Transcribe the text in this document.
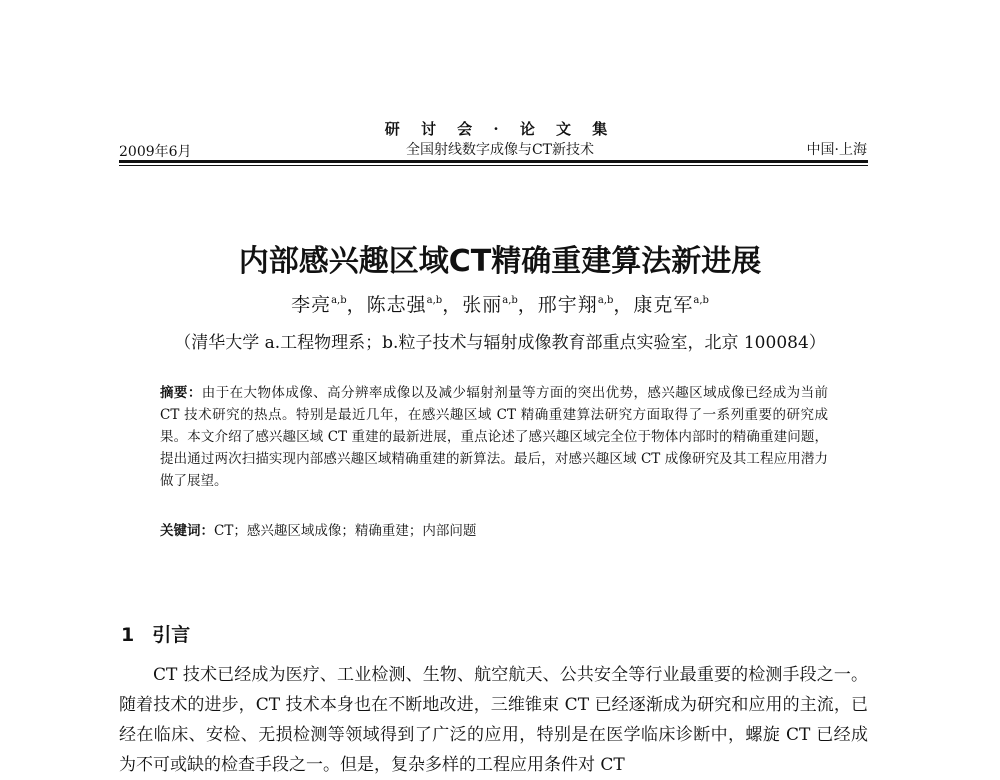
研 讨 会 · 论 文 集
全国射线数字成像与CT新技术
2009年6月	中国·上海
内部感兴趣区域CT精确重建算法新进展
李亮$^{a,b}$，陈志强$^{a,b}$，张丽$^{a,b}$，邢宇翔$^{a,b}$，康克军$^{a,b}$
（清华大学 a.工程物理系；b.粒子技术与辐射成像教育部重点实验室，北京 100084）
摘要：由于在大物体成像、高分辨率成像以及减少辐射剂量等方面的突出优势，感兴趣区域成像已经成为当前 CT 技术研究的热点。特别是最近几年，在感兴趣区域 CT 精确重建算法研究方面取得了一系列重要的研究成果。本文介绍了感兴趣区域 CT 重建的最新进展，重点论述了感兴趣区域完全位于物体内部时的精确重建问题，提出通过两次扫描实现内部感兴趣区域精确重建的新算法。最后，对感兴趣区域 CT 成像研究及其工程应用潜力做了展望。
关键词：CT；感兴趣区域成像；精确重建；内部问题
1 引言
CT 技术已经成为医疗、工业检测、生物、航空航天、公共安全等行业最重要的检测手段之一。随着技术的进步，CT 技术本身也在不断地改进，三维锥束 CT 已经逐渐成为研究和应用的主流，已经在临床、安检、无损检测等领域得到了广泛的应用，特别是在医学临床诊断中，螺旋 CT 已经成为不可或缺的检查手段之一。但是，复杂多样的工程应用条件对 CT
